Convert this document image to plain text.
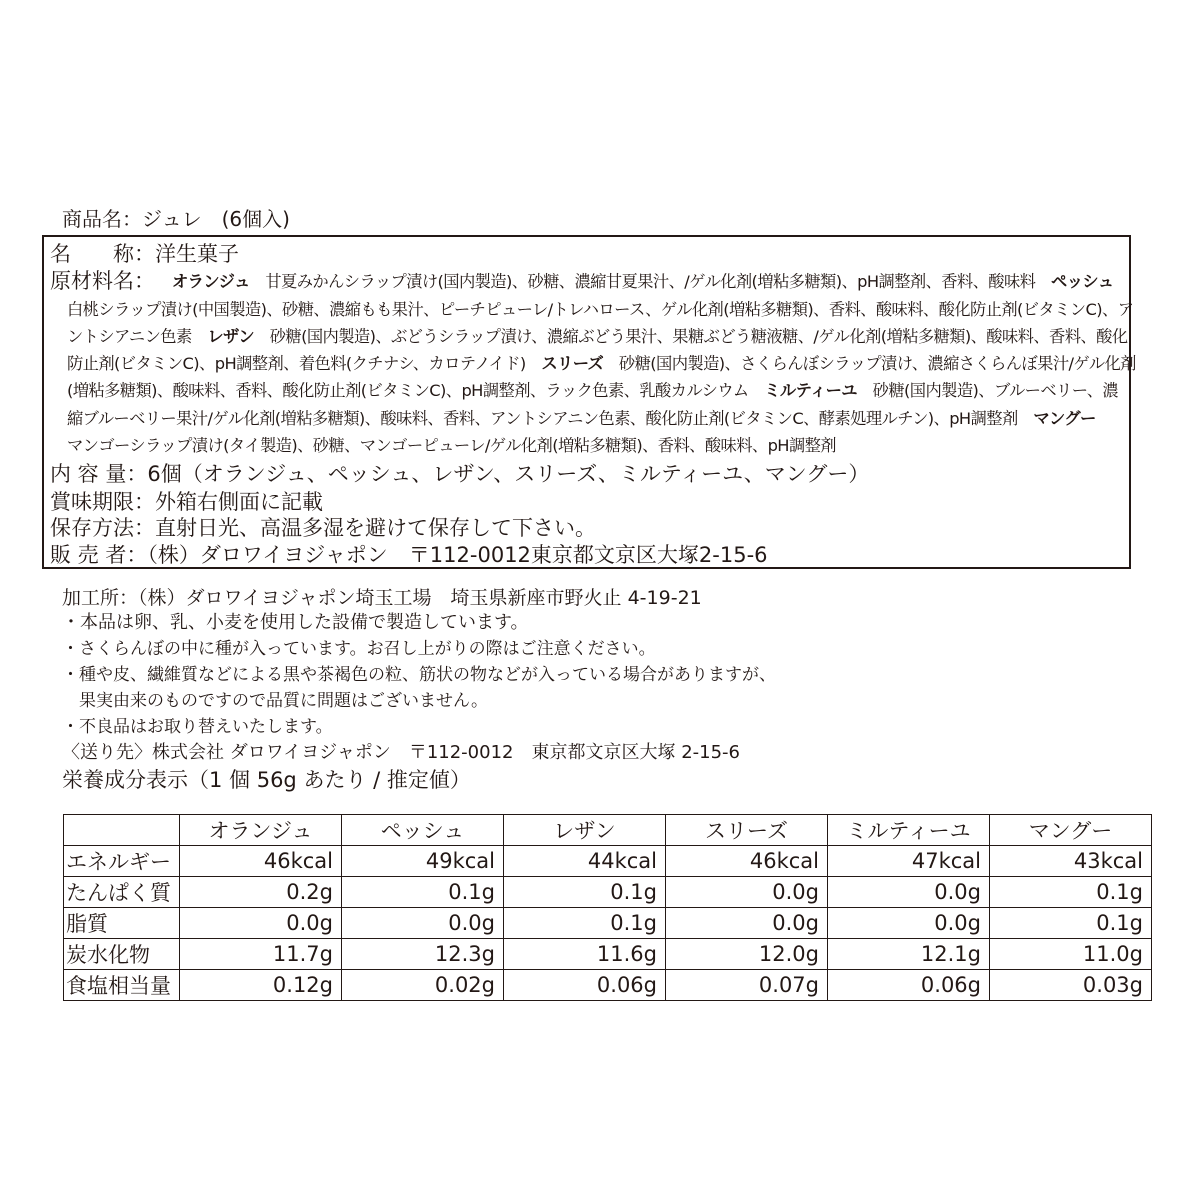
商品名：ジュレ　(6個入)
名　　称：洋生菓子
原材料名： オランジュ　甘夏みかんシラップ漬け(国内製造)、砂糖、濃縮甘夏果汁、/ゲル化剤(増粘多糖類)、pH調整剤、香料、酸味料　ペッシュ
白桃シラップ漬け(中国製造)、砂糖、濃縮もも果汁、ピーチピューレ/トレハロース、ゲル化剤(増粘多糖類)、香料、酸味料、酸化防止剤(ビタミンC)、ア
ントシアニン色素　レザン　砂糖(国内製造)、ぶどうシラップ漬け、濃縮ぶどう果汁、果糖ぶどう糖液糖、/ゲル化剤(増粘多糖類)、酸味料、香料、酸化
防止剤(ビタミンC)、pH調整剤、着色料(クチナシ、カロテノイド)　スリーズ　砂糖(国内製造)、さくらんぼシラップ漬け、濃縮さくらんぼ果汁/ゲル化剤
(増粘多糖類)、酸味料、香料、酸化防止剤(ビタミンC)、pH調整剤、ラック色素、乳酸カルシウム　ミルティーユ　砂糖(国内製造)、ブルーベリー、濃
縮ブルーベリー果汁/ゲル化剤(増粘多糖類)、酸味料、香料、アントシアニン色素、酸化防止剤(ビタミンC、酵素処理ルチン)、pH調整剤　マングー
マンゴーシラップ漬け(タイ製造)、砂糖、マンゴーピューレ/ゲル化剤(増粘多糖類)、香料、酸味料、pH調整剤
内 容 量：6個（オランジュ、ペッシュ、レザン、スリーズ、ミルティーユ、マングー）
賞味期限：外箱右側面に記載
保存方法：直射日光、高温多湿を避けて保存して下さい。
販 売 者：（株）ダロワイヨジャポン　〒112-0012東京都文京区大塚2-15-6
加工所：（株）ダロワイヨジャポン埼玉工場　埼玉県新座市野火止 4-19-21
・本品は卵、乳、小麦を使用した設備で製造しています。
・さくらんぼの中に種が入っています。お召し上がりの際はご注意ください。
・種や皮、繊維質などによる黒や茶褐色の粒、筋状の物などが入っている場合がありますが、
　果実由来のものですので品質に問題はございません。
・不良品はお取り替えいたします。
〈送り先〉株式会社 ダロワイヨジャポン　〒112-0012　東京都文京区大塚 2-15-6
栄養成分表示（1 個 56g あたり / 推定値）
	オランジュ	ペッシュ	レザン	スリーズ	ミルティーユ	マングー
エネルギー	46kcal	49kcal	44kcal	46kcal	47kcal	43kcal
たんぱく質	0.2g	0.1g	0.1g	0.0g	0.0g	0.1g
脂質	0.0g	0.0g	0.1g	0.0g	0.0g	0.1g
炭水化物	11.7g	12.3g	11.6g	12.0g	12.1g	11.0g
食塩相当量	0.12g	0.02g	0.06g	0.07g	0.06g	0.03g
